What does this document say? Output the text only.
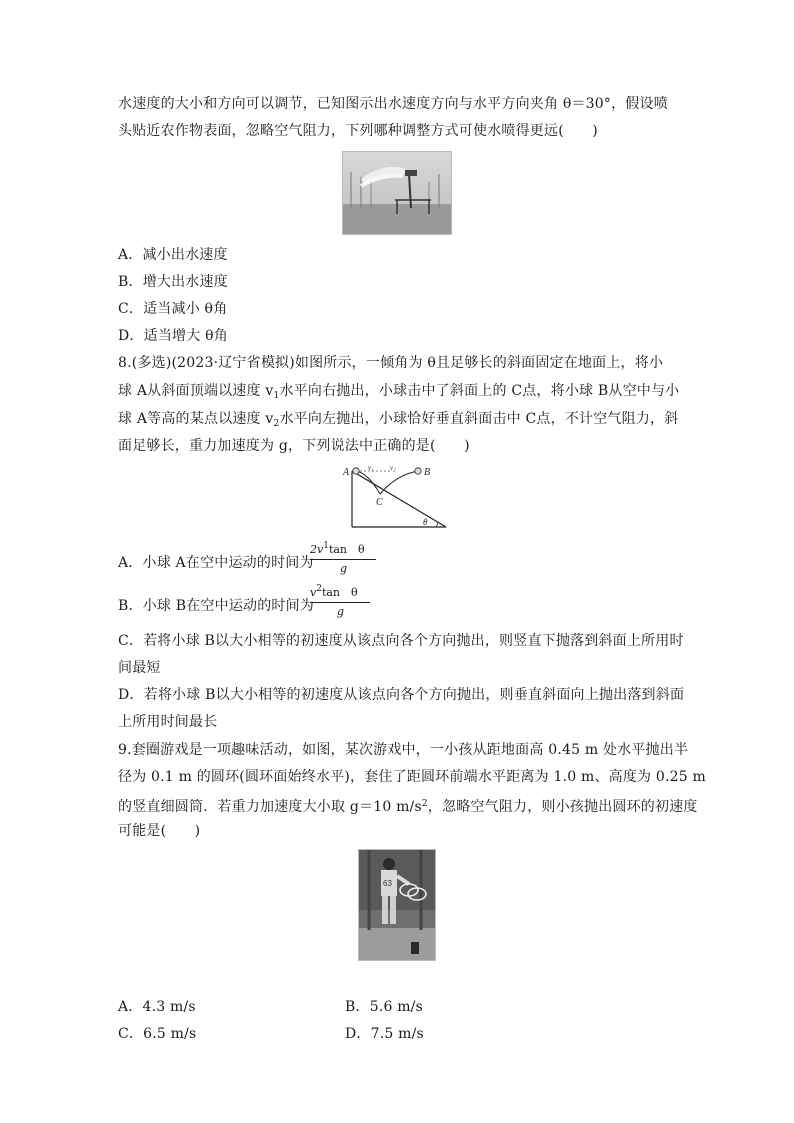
水速度的大小和方向可以调节，已知图示出水速度方向与水平方向夹角 θ＝30°，假设喷
头贴近农作物表面，忽略空气阻力，下列哪种调整方式可使水喷得更远(　　)
A．减小出水速度
B．增大出水速度
C．适当减小 θ角
D．适当增大 θ角
8.(多选)(2023·辽宁省模拟)如图所示，一倾角为 θ且足够长的斜面固定在地面上，将小
球 A从斜面顶端以速度 $v_1$水平向右抛出，小球击中了斜面上的 C点，将小球 B从空中与小
球 A等高的某点以速度 $v_2$水平向左抛出，小球恰好垂直斜面击中 C点，不计空气阻力，斜
面足够长，重力加速度为 g，下列说法中正确的是(　　)
A	B
C
θ
v₁ v₂
A．小球 A在空中运动的时间为
$2v^1\tan$　θ
g
B．小球 B在空中运动的时间为
$v^2\tan$　θ
g
C．若将小球 B以大小相等的初速度从该点向各个方向抛出，则竖直下抛落到斜面上所用时
间最短
D．若将小球 B以大小相等的初速度从该点向各个方向抛出，则垂直斜面向上抛出落到斜面
上所用时间最长
9.套圈游戏是一项趣味活动，如图，某次游戏中，一小孩从距地面高 0.45 m 处水平抛出半
径为 0.1 m 的圆环(圆环面始终水平)，套住了距圆环前端水平距离为 1.0 m、高度为 0.25 m
的竖直细圆筒．若重力加速度大小取 g＝10 $m/s^2$，忽略空气阻力，则小孩抛出圆环的初速度
可能是(　　)
63
A．4.3 m/s	B．5.6 m/s
C．6.5 m/s	D．7.5 m/s
